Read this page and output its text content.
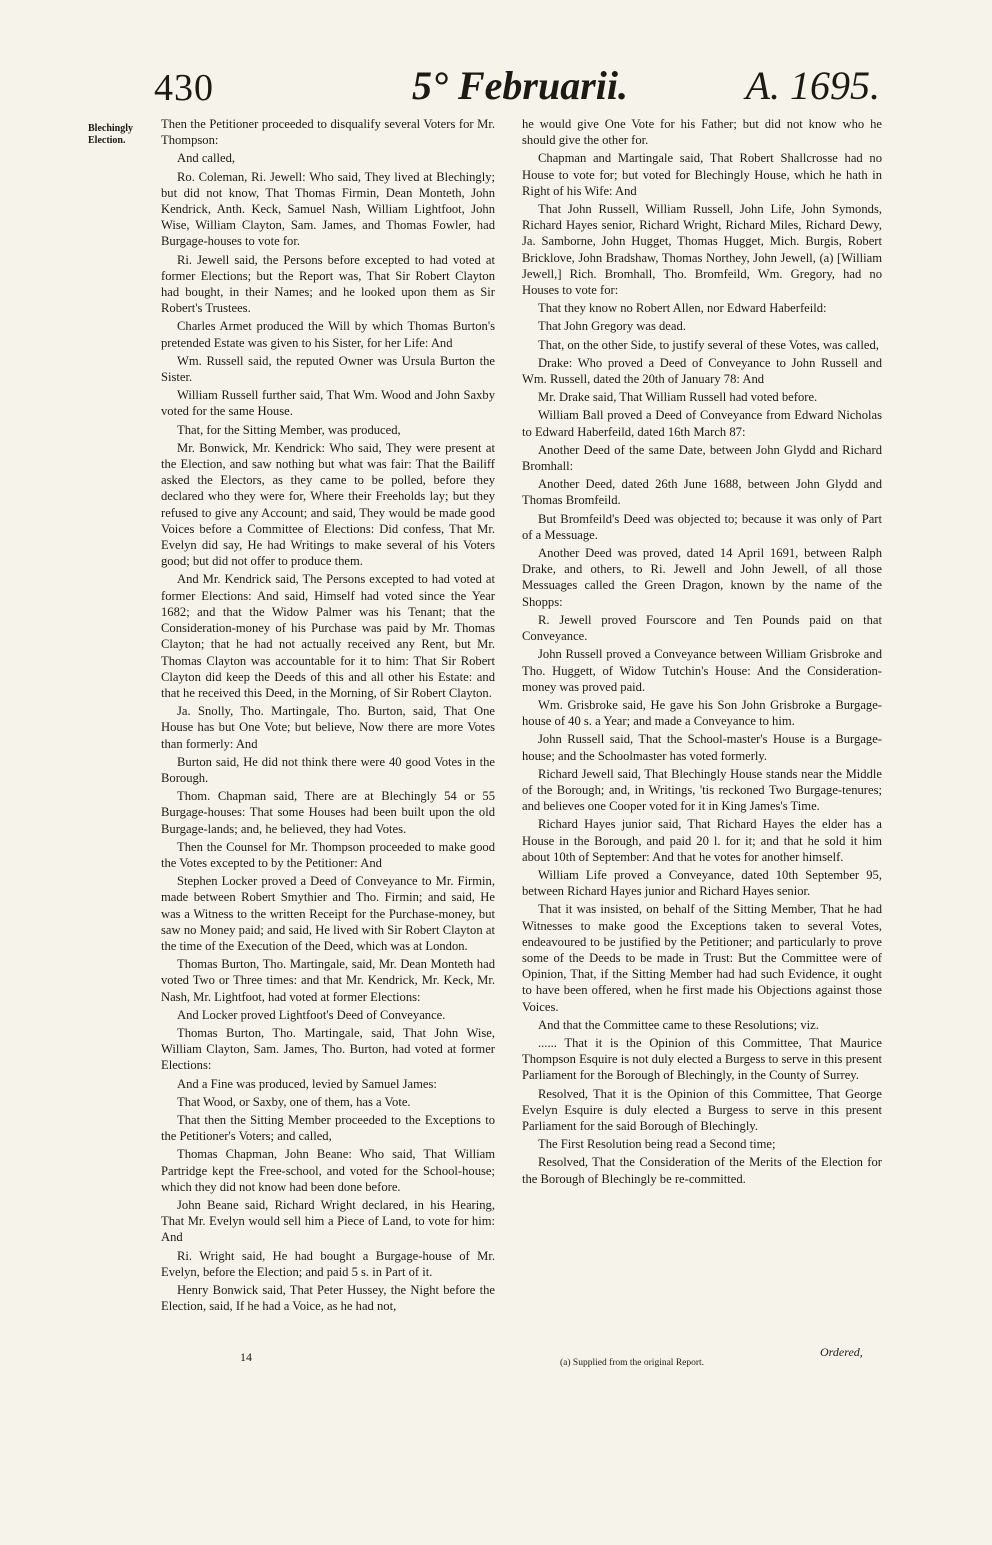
430	5° Februarii.	A. 1695.
Blechingly Election.

Then the Petitioner proceeded to disqualify several Voters for Mr. Thompson:

And called,

Ro. Coleman, Ri. Jewell: Who said, They lived at Blechingly; but did not know, That Thomas Firmin, Dean Monteth, John Kendrick, Anth. Keck, Samuel Nash, William Lightfoot, John Wise, William Clayton, Sam. James, and Thomas Fowler, had Burgage-houses to vote for.

Ri. Jewell said, the Persons before excepted to had voted at former Elections; but the Report was, That Sir Robert Clayton had bought, in their Names; and he looked upon them as Sir Robert's Trustees.

Charles Armet produced the Will by which Thomas Burton's pretended Estate was given to his Sister, for her Life: And

Wm. Russell said, the reputed Owner was Ursula Burton the Sister.

William Russell further said, That Wm. Wood and John Saxby voted for the same House.

That, for the Sitting Member, was produced,

Mr. Bonwick, Mr. Kendrick: Who said, They were present at the Election, and saw nothing but what was fair: That the Bailiff asked the Electors, as they came to be polled, before they declared who they were for, Where their Freeholds lay; but they refused to give any Account; and said, They would be made good Voices before a Committee of Elections: Did confess, That Mr. Evelyn did say, He had Writings to make several of his Voters good; but did not offer to produce them.

And Mr. Kendrick said, The Persons excepted to had voted at former Elections: And said, Himself had voted since the Year 1682; and that the Widow Palmer was his Tenant; that the Consideration-money of his Purchase was paid by Mr. Thomas Clayton; that he had not actually received any Rent, but Mr. Thomas Clayton was accountable for it to him: That Sir Robert Clayton did keep the Deeds of this and all other his Estate: and that he received this Deed, in the Morning, of Sir Robert Clayton.

Ja. Snolly, Tho. Martingale, Tho. Burton, said, That One House has but One Vote; but believe, Now there are more Votes than formerly: And

Burton said, He did not think there were 40 good Votes in the Borough.

Thom. Chapman said, There are at Blechingly 54 or 55 Burgage-houses: That some Houses had been built upon the old Burgage-lands; and, he believed, they had Votes.

Then the Counsel for Mr. Thompson proceeded to make good the Votes excepted to by the Petitioner: And

Stephen Locker proved a Deed of Conveyance to Mr. Firmin, made between Robert Smythier and Tho. Firmin; and said, He was a Witness to the written Receipt for the Purchase-money, but saw no Money paid; and said, He lived with Sir Robert Clayton at the time of the Execution of the Deed, which was at London.

Thomas Burton, Tho. Martingale, said, Mr. Dean Monteth had voted Two or Three times: and that Mr. Kendrick, Mr. Keck, Mr. Nash, Mr. Lightfoot, had voted at former Elections:

And Locker proved Lightfoot's Deed of Conveyance.

Thomas Burton, Tho. Martingale, said, That John Wise, William Clayton, Sam. James, Tho. Burton, had voted at former Elections:

And a Fine was produced, levied by Samuel James:

That Wood, or Saxby, one of them, has a Vote.

That then the Sitting Member proceeded to the Exceptions to the Petitioner's Voters; and called,

Thomas Chapman, John Beane: Who said, That William Partridge kept the Free-school, and voted for the School-house; which they did not know had been done before.

John Beane said, Richard Wright declared, in his Hearing, That Mr. Evelyn would sell him a Piece of Land, to vote for him: And

Ri. Wright said, He had bought a Burgage-house of Mr. Evelyn, before the Election; and paid 5 s. in Part of it.

Henry Bonwick said, That Peter Hussey, the Night before the Election, said, If he had a Voice, as he had not,

he would give One Vote for his Father; but did not know who he should give the other for.

Chapman and Martingale said, That Robert Shallcrosse had no House to vote for; but voted for Blechingly House, which he hath in Right of his Wife: And

That John Russell, William Russell, John Life, John Symonds, Richard Hayes senior, Richard Wright, Richard Miles, Richard Dewy, Ja. Samborne, John Hugget, Thomas Hugget, Mich. Burgis, Robert Bricklove, John Bradshaw, Thomas Northey, John Jewell, (a) [William Jewell,] Rich. Bromhall, Tho. Bromfeild, Wm. Gregory, had no Houses to vote for:

That they know no Robert Allen, nor Edward Haberfeild:

That John Gregory was dead.

That, on the other Side, to justify several of these Votes, was called,

Drake: Who proved a Deed of Conveyance to John Russell and Wm. Russell, dated the 20th of January 78: And

Mr. Drake said, That William Russell had voted before.

William Ball proved a Deed of Conveyance from Edward Nicholas to Edward Haberfeild, dated 16th March 87:

Another Deed of the same Date, between John Glydd and Richard Bromhall:

Another Deed, dated 26th June 1688, between John Glydd and Thomas Bromfeild.

But Bromfeild's Deed was objected to; because it was only of Part of a Messuage.

Another Deed was proved, dated 14 April 1691, between Ralph Drake, and others, to Ri. Jewell and John Jewell, of all those Messuages called the Green Dragon, known by the name of the Shopps:

R. Jewell proved Fourscore and Ten Pounds paid on that Conveyance.

John Russell proved a Conveyance between William Grisbroke and Tho. Huggett, of Widow Tutchin's House: And the Consideration-money was proved paid.

Wm. Grisbroke said, He gave his Son John Grisbroke a Burgage-house of 40 s. a Year; and made a Conveyance to him.

John Russell said, That the School-master's House is a Burgage-house; and the Schoolmaster has voted formerly.

Richard Jewell said, That Blechingly House stands near the Middle of the Borough; and, in Writings, 'tis reckoned Two Burgage-tenures; and believes one Cooper voted for it in King James's Time.

Richard Hayes junior said, That Richard Hayes the elder has a House in the Borough, and paid 20 l. for it; and that he sold it him about 10th of September: And that he votes for another himself.

William Life proved a Conveyance, dated 10th September 95, between Richard Hayes junior and Richard Hayes senior.

That it was insisted, on behalf of the Sitting Member, That he had Witnesses to make good the Exceptions taken to several Votes, endeavoured to be justified by the Petitioner; and particularly to prove some of the Deeds to be made in Trust: But the Committee were of Opinion, That, if the Sitting Member had had such Evidence, it ought to have been offered, when he first made his Objections against those Voices.

And that the Committee came to these Resolutions; viz.

...... That it is the Opinion of this Committee, That Maurice Thompson Esquire is not duly elected a Burgess to serve in this present Parliament for the Borough of Blechingly, in the County of Surrey.

Resolved, That it is the Opinion of this Committee, That George Evelyn Esquire is duly elected a Burgess to serve in this present Parliament for the said Borough of Blechingly.

The First Resolution being read a Second time;

Resolved, That the Consideration of the Merits of the Election for the Borough of Blechingly be re-committed.

14	Ordered,
(a) Supplied from the original Report.
